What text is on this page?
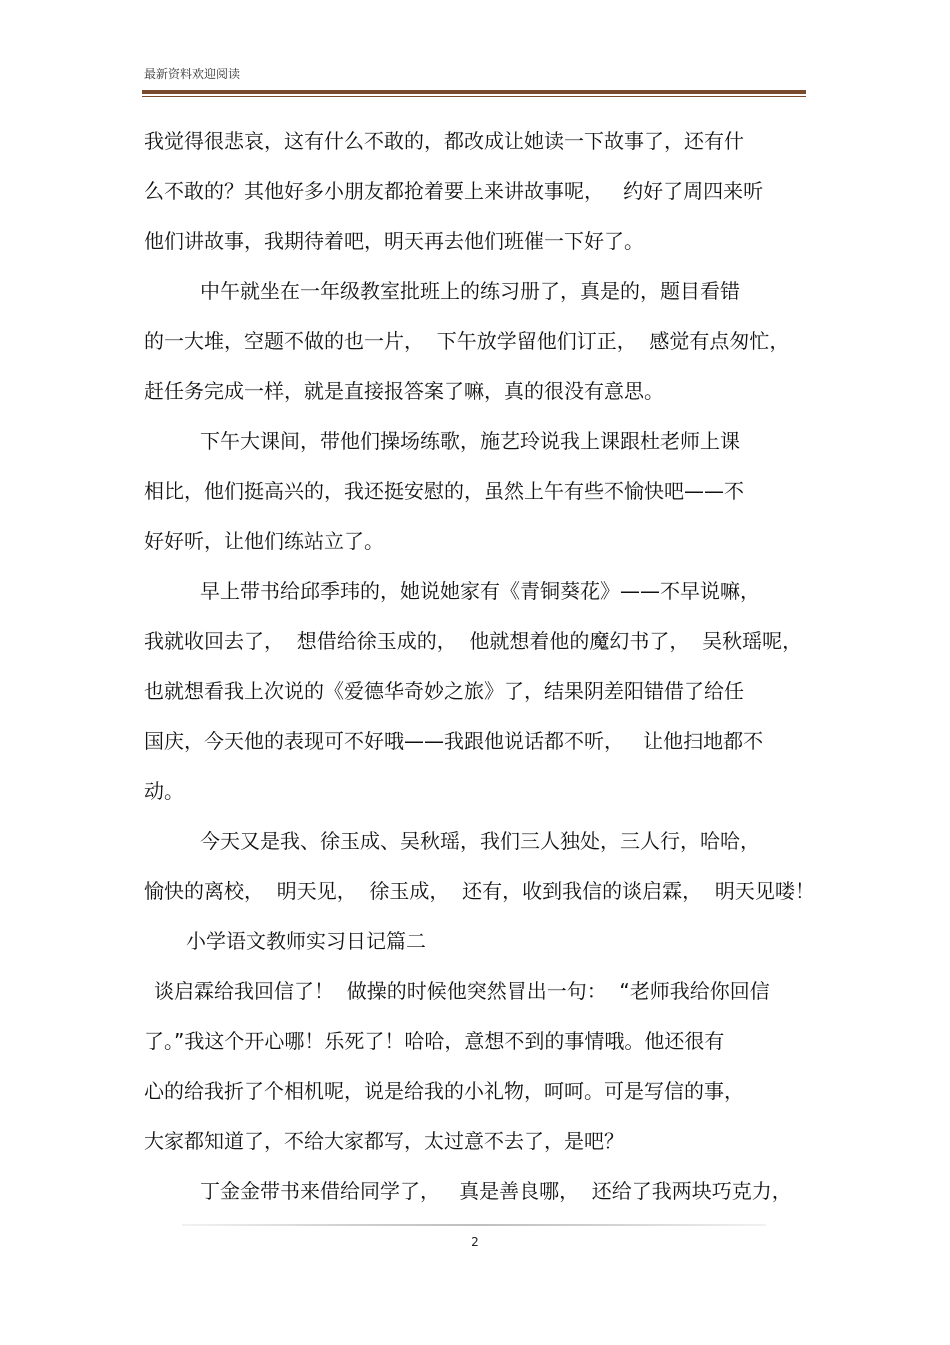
最新资料欢迎阅读
我觉得很悲哀，这有什么不敢的，都改成让她读一下故事了，还有什
么不敢的？其他好多小朋友都抢着要上来讲故事呢，   约好了周四来听
他们讲故事，我期待着吧，明天再去他们班催一下好了。
中午就坐在一年级教室批班上的练习册了，真是的，题目看错
的一大堆，空题不做的也一片，  下午放学留他们订正，  感觉有点匆忙，
赶任务完成一样，就是直接报答案了嘛，真的很没有意思。
下午大课间，带他们操场练歌，施艺玲说我上课跟杜老师上课
相比，他们挺高兴的，我还挺安慰的，虽然上午有些不愉快吧——不
好好听，让他们练站立了。
早上带书给邱季玮的，她说她家有《青铜葵花》——不早说嘛，
我就收回去了，  想借给徐玉成的，  他就想着他的魔幻书了，  吴秋瑶呢，
也就想看我上次说的《爱德华奇妙之旅》了，结果阴差阳错借了给任
国庆，今天他的表现可不好哦——我跟他说话都不听，   让他扫地都不
动。
今天又是我、徐玉成、吴秋瑶，我们三人独处，三人行，哈哈，
愉快的离校，  明天见，  徐玉成，  还有，收到我信的谈启霖，  明天见喽！
小学语文教师实习日记篇二
谈启霖给我回信了！  做操的时候他突然冒出一句：  “老师我给你回信
了。”我这个开心哪！乐死了！哈哈，意想不到的事情哦。他还很有
心的给我折了个相机呢，说是给我的小礼物，呵呵。可是写信的事，
大家都知道了，不给大家都写，太过意不去了，是吧？
丁金金带书来借给同学了，   真是善良哪，  还给了我两块巧克力，
2
